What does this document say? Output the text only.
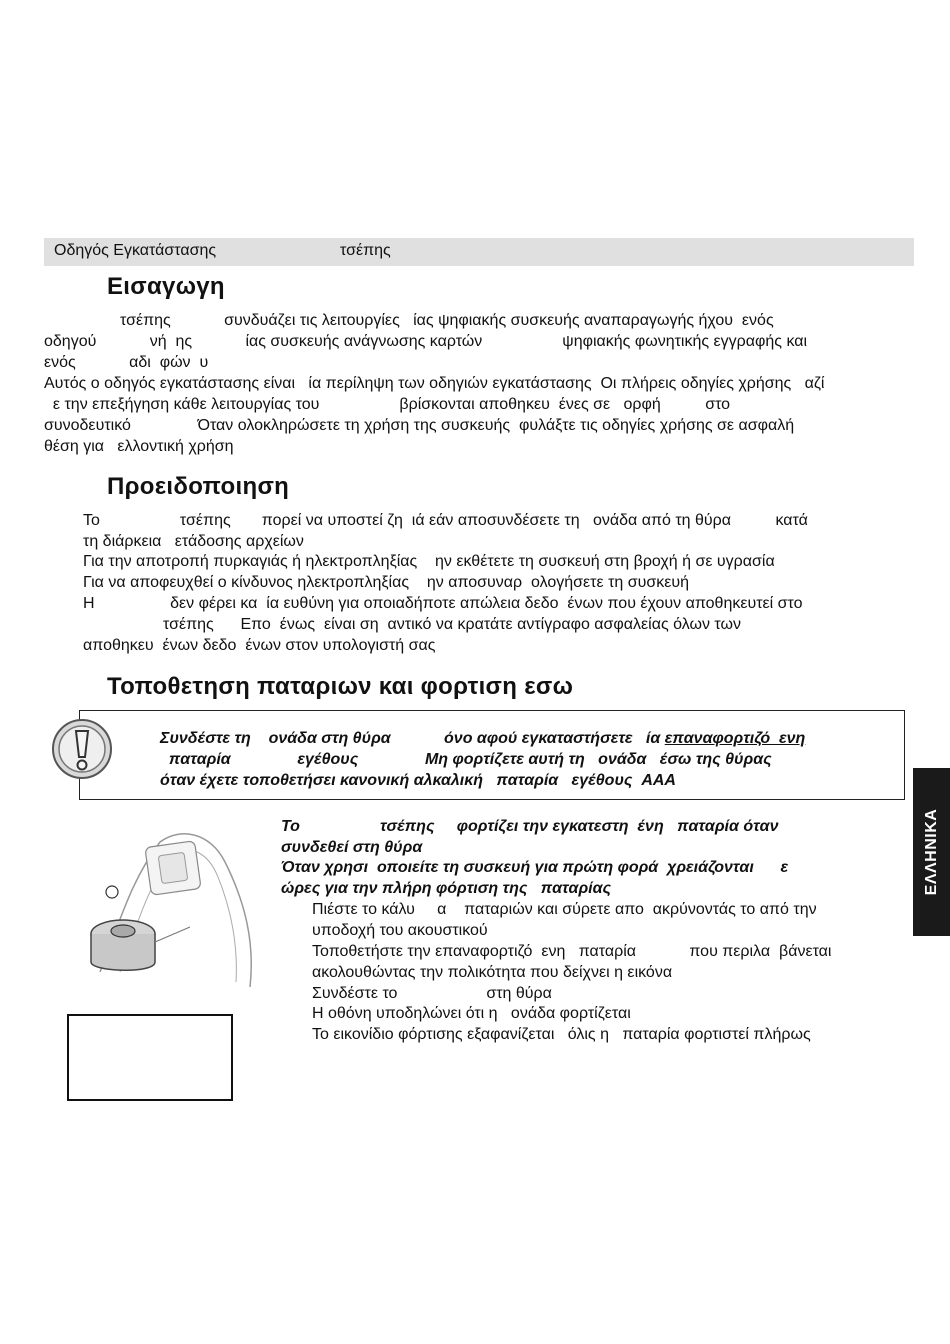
Οδηγός Εγκατάστασης	τσέπης
Εισαγωγη
τσέπης            συνδυάζει τις λειτουργίες   ίας ψηφιακής συσκευής αναπαραγωγής ήχου  ενός
οδηγού            νή  ης            ίας συσκευής ανάγνωσης καρτών                  ψηφιακής φωνητικής εγγραφής και
ενός            αδι  φών  υ
Αυτός ο οδηγός εγκατάστασης είναι   ία περίληψη των οδηγιών εγκατάστασης  Οι πλήρεις οδηγίες χρήσης   αζί
ε την επεξήγηση κάθε λειτουργίας του                  βρίσκονται αποθηκευ  ένες σε   ορφή          στο
συνοδευτικό               Όταν ολοκληρώσετε τη χρήση της συσκευής  φυλάξτε τις οδηγίες χρήσης σε ασφαλή
θέση για   ελλοντική χρήση
Προειδοποιηση
Το                  τσέπης       πορεί να υποστεί ζη  ιά εάν αποσυνδέσετε τη   ονάδα από τη θύρα          κατά
τη διάρκεια   ετάδοσης αρχείων
Για την αποτροπή πυρκαγιάς ή ηλεκτροπληξίας    ην εκθέτετε τη συσκευή στη βροχή ή σε υγρασία
Για να αποφευχθεί ο κίνδυνος ηλεκτροπληξίας    ην αποσυναρ  ολογήσετε τη συσκευή
Η                 δεν φέρει κα  ία ευθύνη για οποιαδήποτε απώλεια δεδο  ένων που έχουν αποθηκευτεί στο
τσέπης      Επο  ένως  είναι ση  αντικό να κρατάτε αντίγραφο ασφαλείας όλων των
αποθηκευ  ένων δεδο  ένων στον υπολογιστή σας
Τοποθετηση παταριων και φορτιση εσω
Συνδέστε τη    ονάδα στη θύρα            όνο αφού εγκαταστήσετε   ία επαναφορτιζό  ενη
παταρία               εγέθους               Μη φορτίζετε αυτή τη   ονάδα   έσω της θύρας
όταν έχετε τοποθετήσει κανονική αλκαλική   παταρία   εγέθους  AAA
Το                  τσέπης     φορτίζει την εγκατεστη  ένη   παταρία όταν
συνδεθεί στη θύρα
Όταν χρησι  οποιείτε τη συσκευή για πρώτη φορά  χρειάζονται      ε
ώρες για την πλήρη φόρτιση της   παταρίας
Πιέστε το κάλυ     α    παταριών και σύρετε απο  ακρύνοντάς το από την
υποδοχή του ακουστικού
Τοποθετήστε την επαναφορτιζό  ενη   παταρία            που περιλα  βάνεται
ακολουθώντας την πολικότητα που δείχνει η εικόνα
Συνδέστε το                    στη θύρα
Η οθόνη υποδηλώνει ότι η   ονάδα φορτίζεται
Το εικονίδιο φόρτισης εξαφανίζεται   όλις η   παταρία φορτιστεί πλήρως
ΕΛΛΗΝΙΚΑ
